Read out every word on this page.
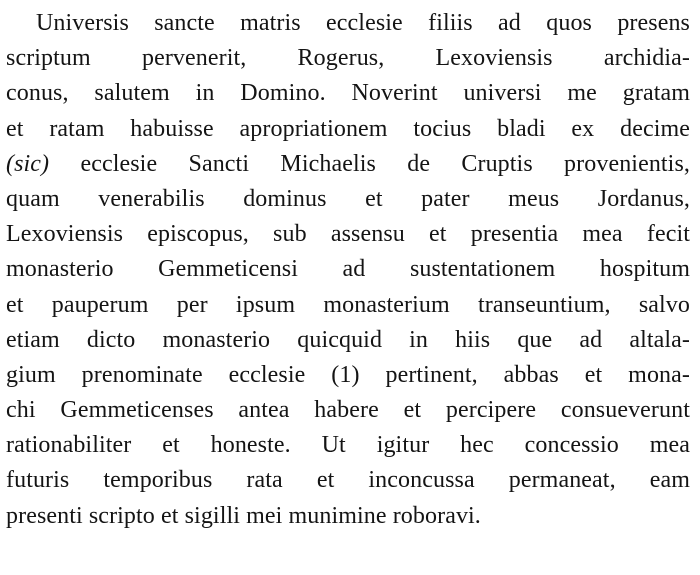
Universis sancte matris ecclesie filiis ad quos presens
scriptum pervenerit, Rogerus, Lexoviensis archidia-
conus, salutem in Domino. Noverint universi me gratam
et ratam habuisse apropriationem tocius bladi ex decime
(sic) ecclesie Sancti Michaelis de Cruptis provenientis,
quam venerabilis dominus et pater meus Jordanus,
Lexoviensis episcopus, sub assensu et presentia mea fecit
monasterio Gemmeticensi ad sustentationem hospitum
et pauperum per ipsum monasterium transeuntium, salvo
etiam dicto monasterio quicquid in hiis que ad altala-
gium prenominate ecclesie (1) pertinent, abbas et mona-
chi Gemmeticenses antea habere et percipere consueverunt
rationabiliter et honeste. Ut igitur hec concessio mea
futuris temporibus rata et inconcussa permaneat, eam
presenti scripto et sigilli mei munimine roboravi.
